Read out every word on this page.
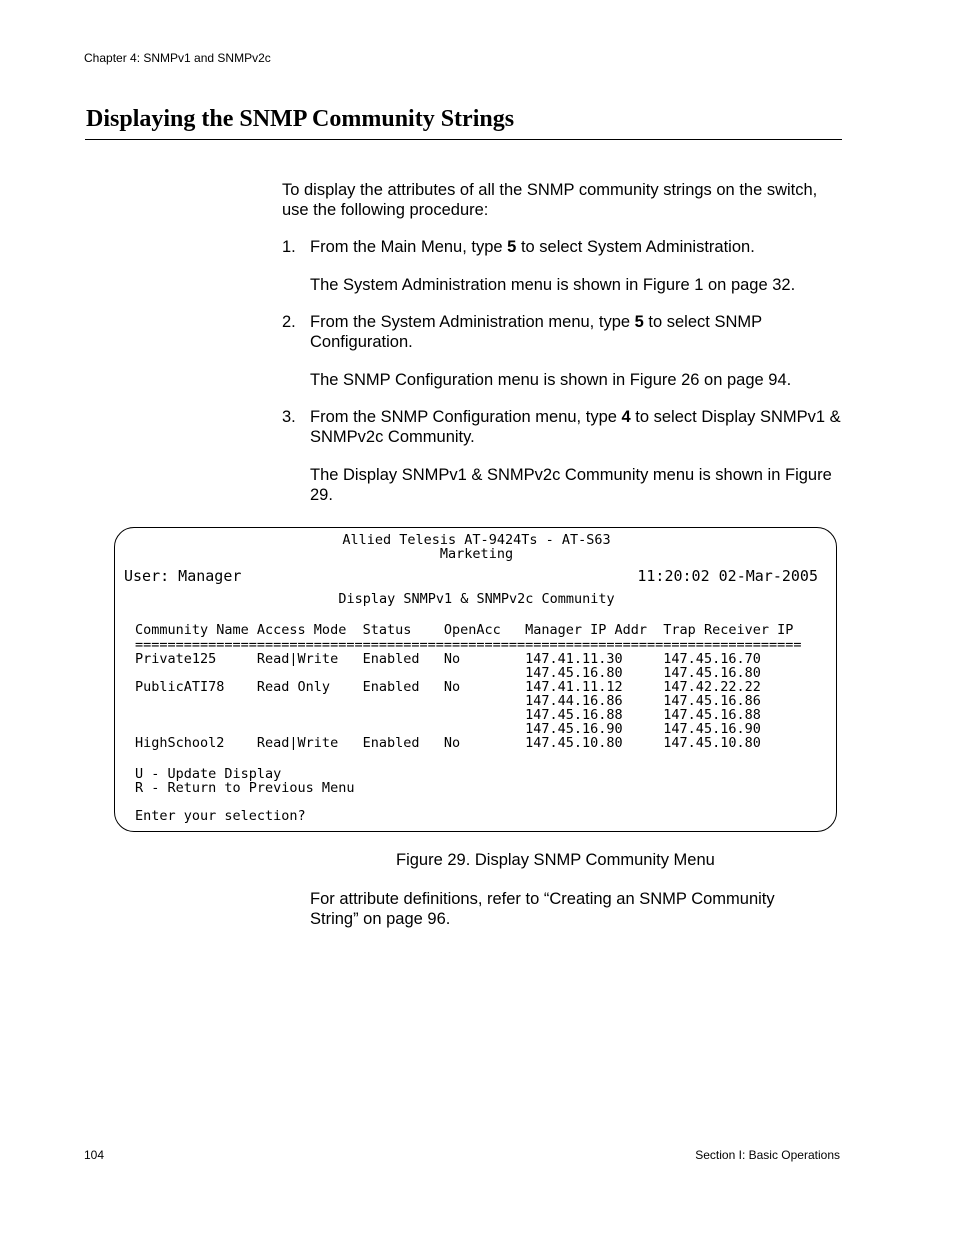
Chapter 4: SNMPv1 and SNMPv2c
Displaying the SNMP Community Strings

To display the attributes of all the SNMP community strings on the switch, use the following procedure:

1. From the Main Menu, type 5 to select System Administration.

The System Administration menu is shown in Figure 1 on page 32.

2. From the System Administration menu, type 5 to select SNMP Configuration.

The SNMP Configuration menu is shown in Figure 26 on page 94.

3. From the SNMP Configuration menu, type 4 to select Display SNMPv1 & SNMPv2c Community.

The Display SNMPv1 & SNMPv2c Community menu is shown in Figure 29.

Allied Telesis AT-9424Ts - AT-S63
Marketing
User: Manager	11:20:02 02-Mar-2005
Display SNMPv1 & SNMPv2c Community
Community Name Access Mode  Status    OpenAcc   Manager IP Addr  Trap Receiver IP
==================================================================================
Private125     Read|Write   Enabled   No        147.41.11.30     147.45.16.70
147.45.16.80     147.45.16.80
PublicATI78    Read Only    Enabled   No        147.41.11.12     147.42.22.22
147.44.16.86     147.45.16.86
147.45.16.88     147.45.16.88
147.45.16.90     147.45.16.90
HighSchool2    Read|Write   Enabled   No        147.45.10.80     147.45.10.80
U - Update Display
R - Return to Previous Menu
Enter your selection?
Figure 29. Display SNMP Community Menu

For attribute definitions, refer to “Creating an SNMP Community String” on page 96.

104	Section I: Basic Operations
